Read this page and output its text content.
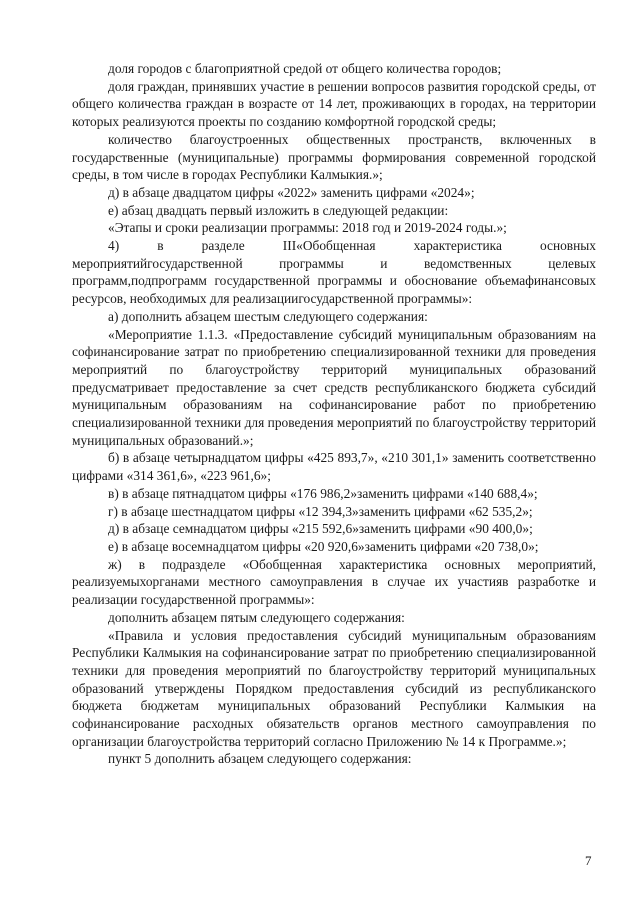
доля городов с благоприятной средой от общего количества городов;

доля граждан, принявших участие в решении вопросов развития городской среды, от общего количества граждан в возрасте от 14 лет, проживающих в городах, на территории которых реализуются проекты по созданию комфортной городской среды;

количество благоустроенных общественных пространств, включенных в государственные (муниципальные) программы формирования современной городской среды, в том числе в городах Республики Калмыкия.»;

д) в абзаце двадцатом цифры «2022» заменить цифрами «2024»;

е) абзац двадцать первый изложить в следующей редакции:

«Этапы и сроки реализации программы: 2018 год и 2019-2024 годы.»;

4) в разделе III«Обобщенная характеристика основных мероприятийгосударственной программы и ведомственных целевых программ,подпрограмм государственной программы и обоснование объемафинансовых ресурсов, необходимых для реализациигосударственной программы»:

а) дополнить абзацем шестым следующего содержания:

«Мероприятие 1.1.3. «Предоставление субсидий муниципальным образованиям на софинансирование затрат по приобретению специализированной техники для проведения мероприятий по благоустройству территорий муниципальных образований предусматривает предоставление за счет средств республиканского бюджета субсидий муниципальным образованиям на софинансирование работ по приобретению специализированной техники для проведения мероприятий по благоустройству территорий муниципальных образований.»;

б) в абзаце четырнадцатом цифры «425 893,7», «210 301,1» заменить соответственно цифрами «314 361,6», «223 961,6»;

в) в абзаце пятнадцатом цифры «176 986,2»заменить цифрами «140 688,4»;

г) в абзаце шестнадцатом цифры «12 394,3»заменить цифрами «62 535,2»;

д) в абзаце семнадцатом цифры «215 592,6»заменить цифрами «90 400,0»;

е) в абзаце восемнадцатом цифры «20 920,6»заменить цифрами «20 738,0»;

ж) в подразделе «Обобщенная характеристика основных мероприятий, реализуемыхорганами местного самоуправления в случае их участияв разработке и реализации государственной программы»:

дополнить абзацем пятым следующего содержания:

«Правила и условия предоставления субсидий муниципальным образованиям Республики Калмыкия на софинансирование затрат по приобретению специализированной техники для проведения мероприятий по благоустройству территорий муниципальных образований утверждены Порядком предоставления субсидий из республиканского бюджета бюджетам муниципальных образований Республики Калмыкия на софинансирование расходных обязательств органов местного самоуправления по организации благоустройства территорий согласно Приложению № 14 к Программе.»;

пункт 5 дополнить абзацем следующего содержания:

7
